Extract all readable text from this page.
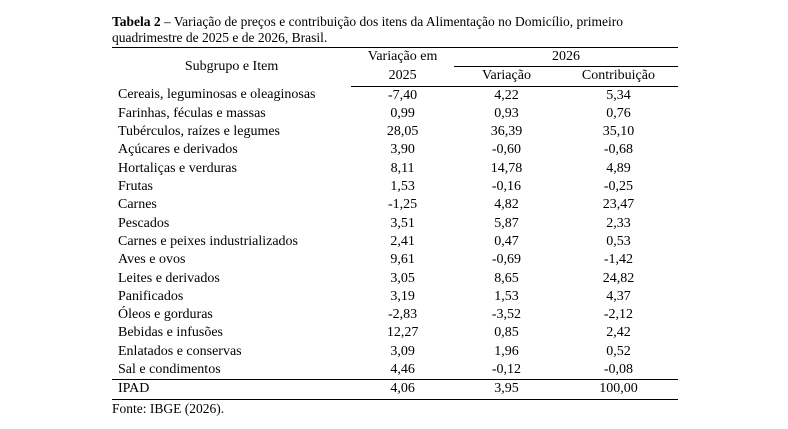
Tabela 2 – Variação de preços e contribuição dos itens da Alimentação no Domicílio, primeiro quadrimestre de 2025 e de 2026, Brasil.

Subgrupo e Item	Variação em	2026	
	2025	Variação	Contribuição
Cereais, leguminosas e oleaginosas	-7,40	4,22	5,34
Farinhas, féculas e massas	0,99	0,93	0,76
Tubérculos, raízes e legumes	28,05	36,39	35,10
Açúcares e derivados	3,90	-0,60	-0,68
Hortaliças e verduras	8,11	14,78	4,89
Frutas	1,53	-0,16	-0,25
Carnes	-1,25	4,82	23,47
Pescados	3,51	5,87	2,33
Carnes e peixes industrializados	2,41	0,47	0,53
Aves e ovos	9,61	-0,69	-1,42
Leites e derivados	3,05	8,65	24,82
Panificados	3,19	1,53	4,37
Óleos e gorduras	-2,83	-3,52	-2,12
Bebidas e infusões	12,27	0,85	2,42
Enlatados e conservas	3,09	1,96	0,52
Sal e condimentos	4,46	-0,12	-0,08
IPAD	4,06	3,95	100,00
Fonte: IBGE (2026).
